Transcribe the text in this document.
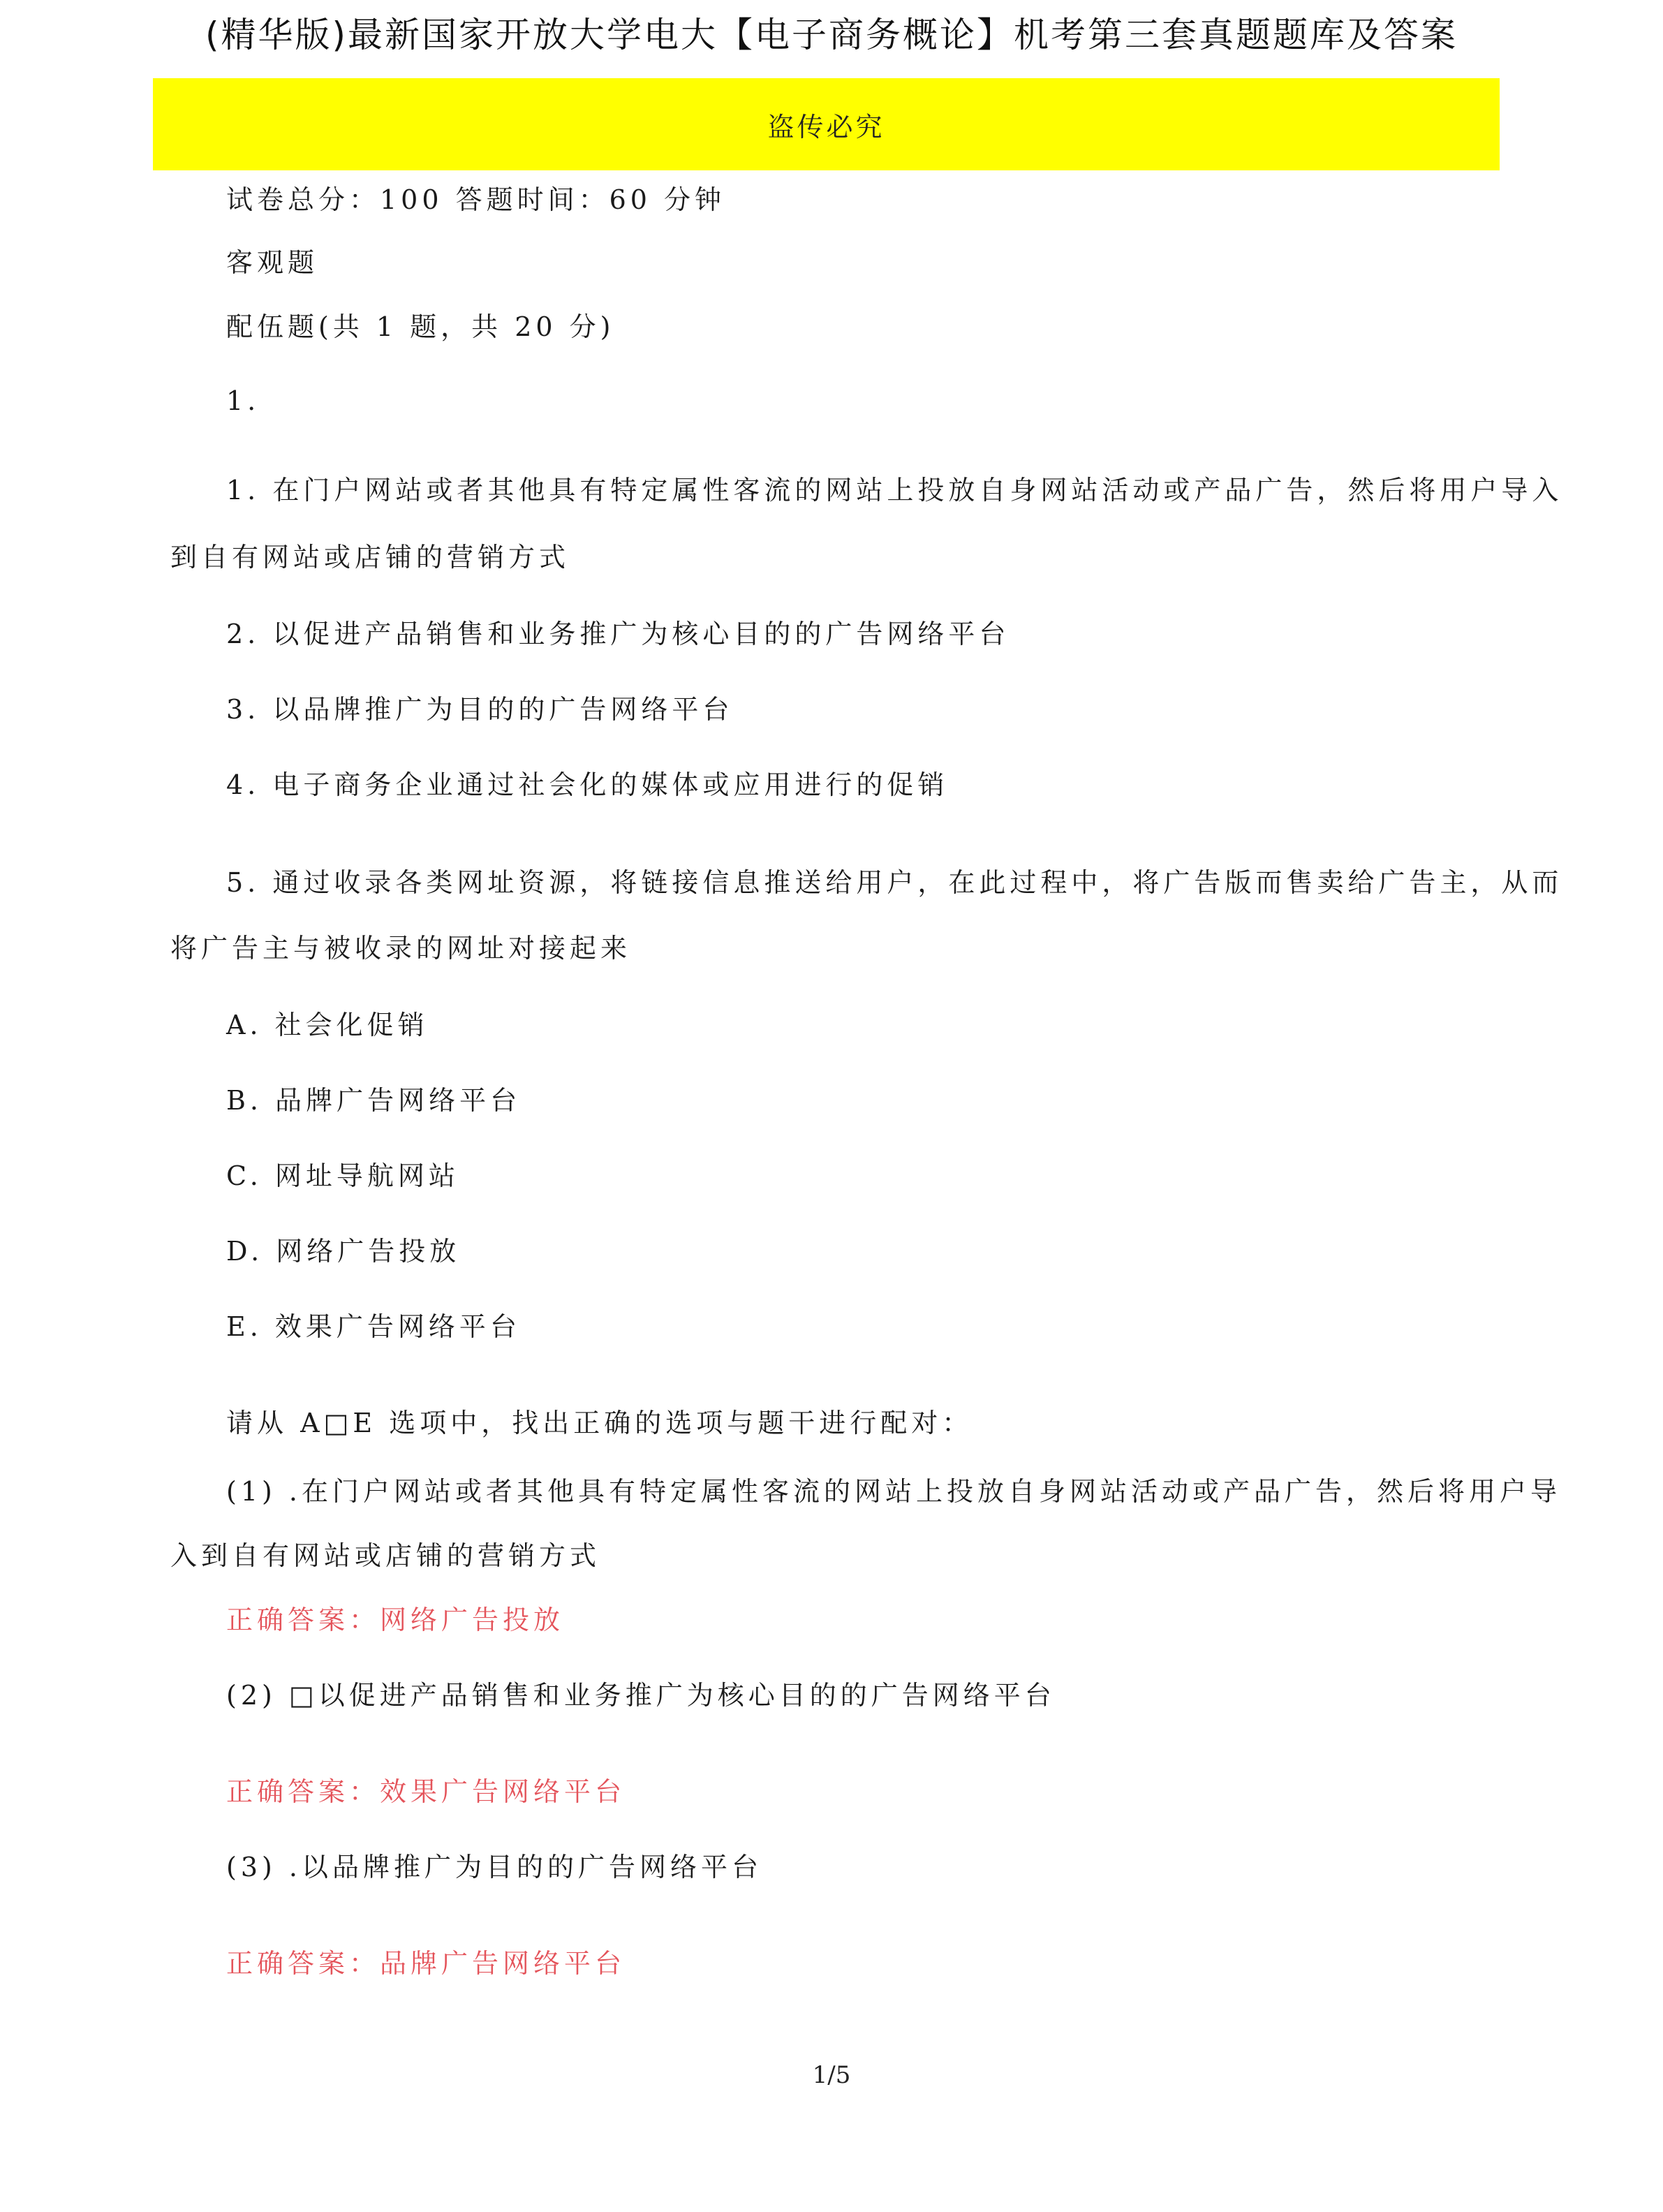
(精华版)最新国家开放大学电大【电子商务概论】机考第三套真题题库及答案
盗传必究
试卷总分：100 答题时间：60 分钟
客观题
配伍题(共 1 题，共 20 分)
1.
1. 在门户网站或者其他具有特定属性客流的网站上投放自身网站活动或产品广告，然后将用户导入
到自有网站或店铺的营销方式
2. 以促进产品销售和业务推广为核心目的的广告网络平台
3. 以品牌推广为目的的广告网络平台
4. 电子商务企业通过社会化的媒体或应用进行的促销
5. 通过收录各类网址资源，将链接信息推送给用户，在此过程中，将广告版而售卖给广告主，从而
将广告主与被收录的网址对接起来
A. 社会化促销
B. 品牌广告网络平台
C. 网址导航网站
D. 网络广告投放
E. 效果广告网络平台
请从 A□E 选项中，找出正确的选项与题干进行配对：
(1) .在门户网站或者其他具有特定属性客流的网站上投放自身网站活动或产品广告，然后将用户导
入到自有网站或店铺的营销方式
正确答案：网络广告投放
(2) □以促进产品销售和业务推广为核心目的的广告网络平台
正确答案：效果广告网络平台
(3) .以品牌推广为目的的广告网络平台
正确答案：品牌广告网络平台
1/5
